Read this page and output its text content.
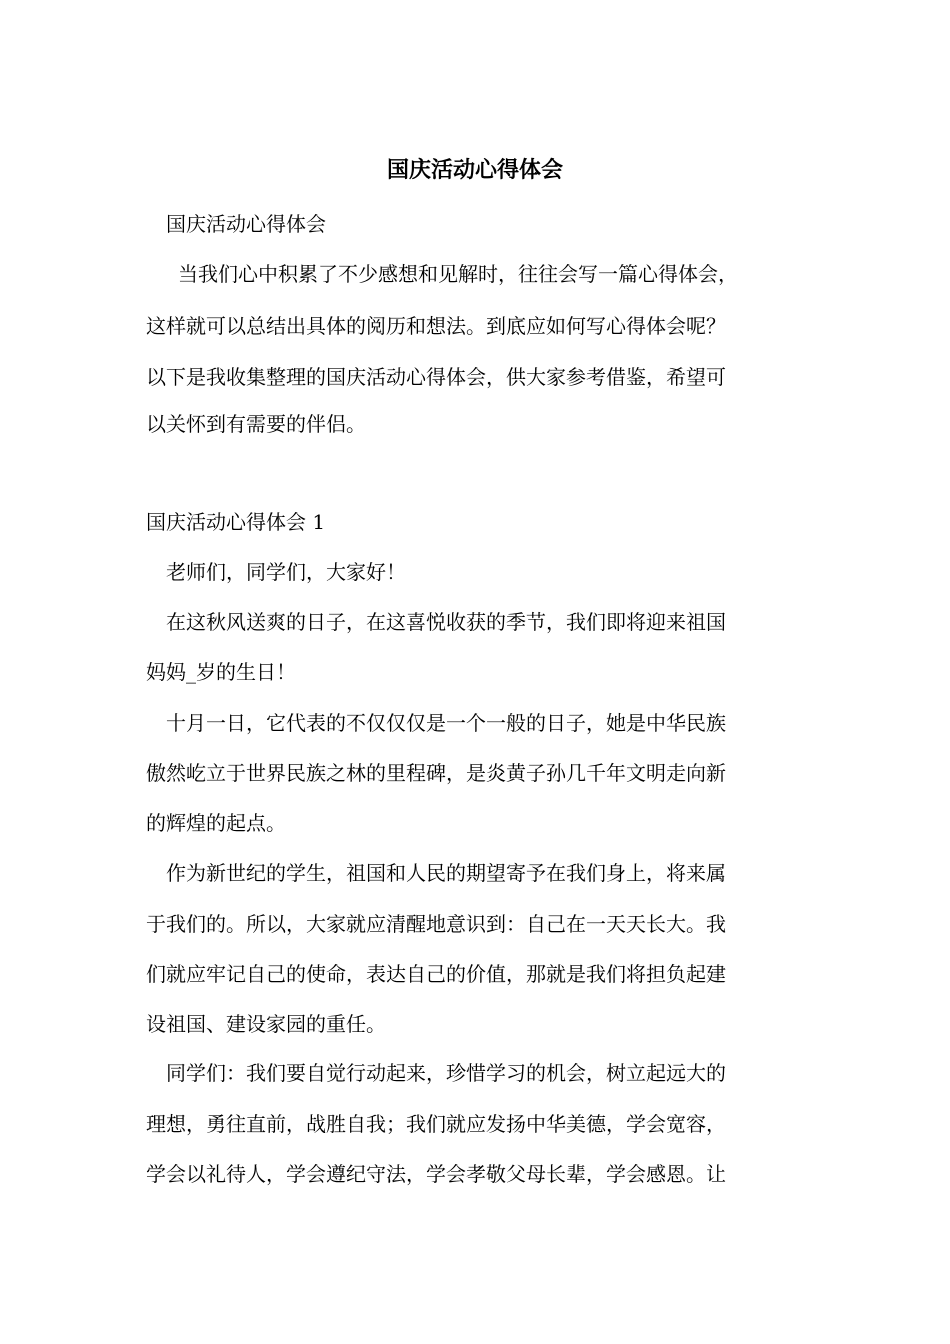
国庆活动心得体会

国庆活动心得体会

当我们心中积累了不少感想和见解时，往往会写一篇心得体会，

这样就可以总结出具体的阅历和想法。到底应如何写心得体会呢？

以下是我收集整理的国庆活动心得体会，供大家参考借鉴，希望可

以关怀到有需要的伴侣。

国庆活动心得体会 1

老师们，同学们，大家好！

在这秋风送爽的日子，在这喜悦收获的季节，我们即将迎来祖国

妈妈_岁的生日！

十月一日，它代表的不仅仅仅是一个一般的日子，她是中华民族

傲然屹立于世界民族之林的里程碑，是炎黄子孙几千年文明走向新

的辉煌的起点。

作为新世纪的学生，祖国和人民的期望寄予在我们身上，将来属

于我们的。所以，大家就应清醒地意识到：自己在一天天长大。我

们就应牢记自己的使命，表达自己的价值，那就是我们将担负起建

设祖国、建设家园的重任。

同学们：我们要自觉行动起来，珍惜学习的机会，树立起远大的

理想，勇往直前，战胜自我；我们就应发扬中华美德，学会宽容，

学会以礼待人，学会遵纪守法，学会孝敬父母长辈，学会感恩。让
